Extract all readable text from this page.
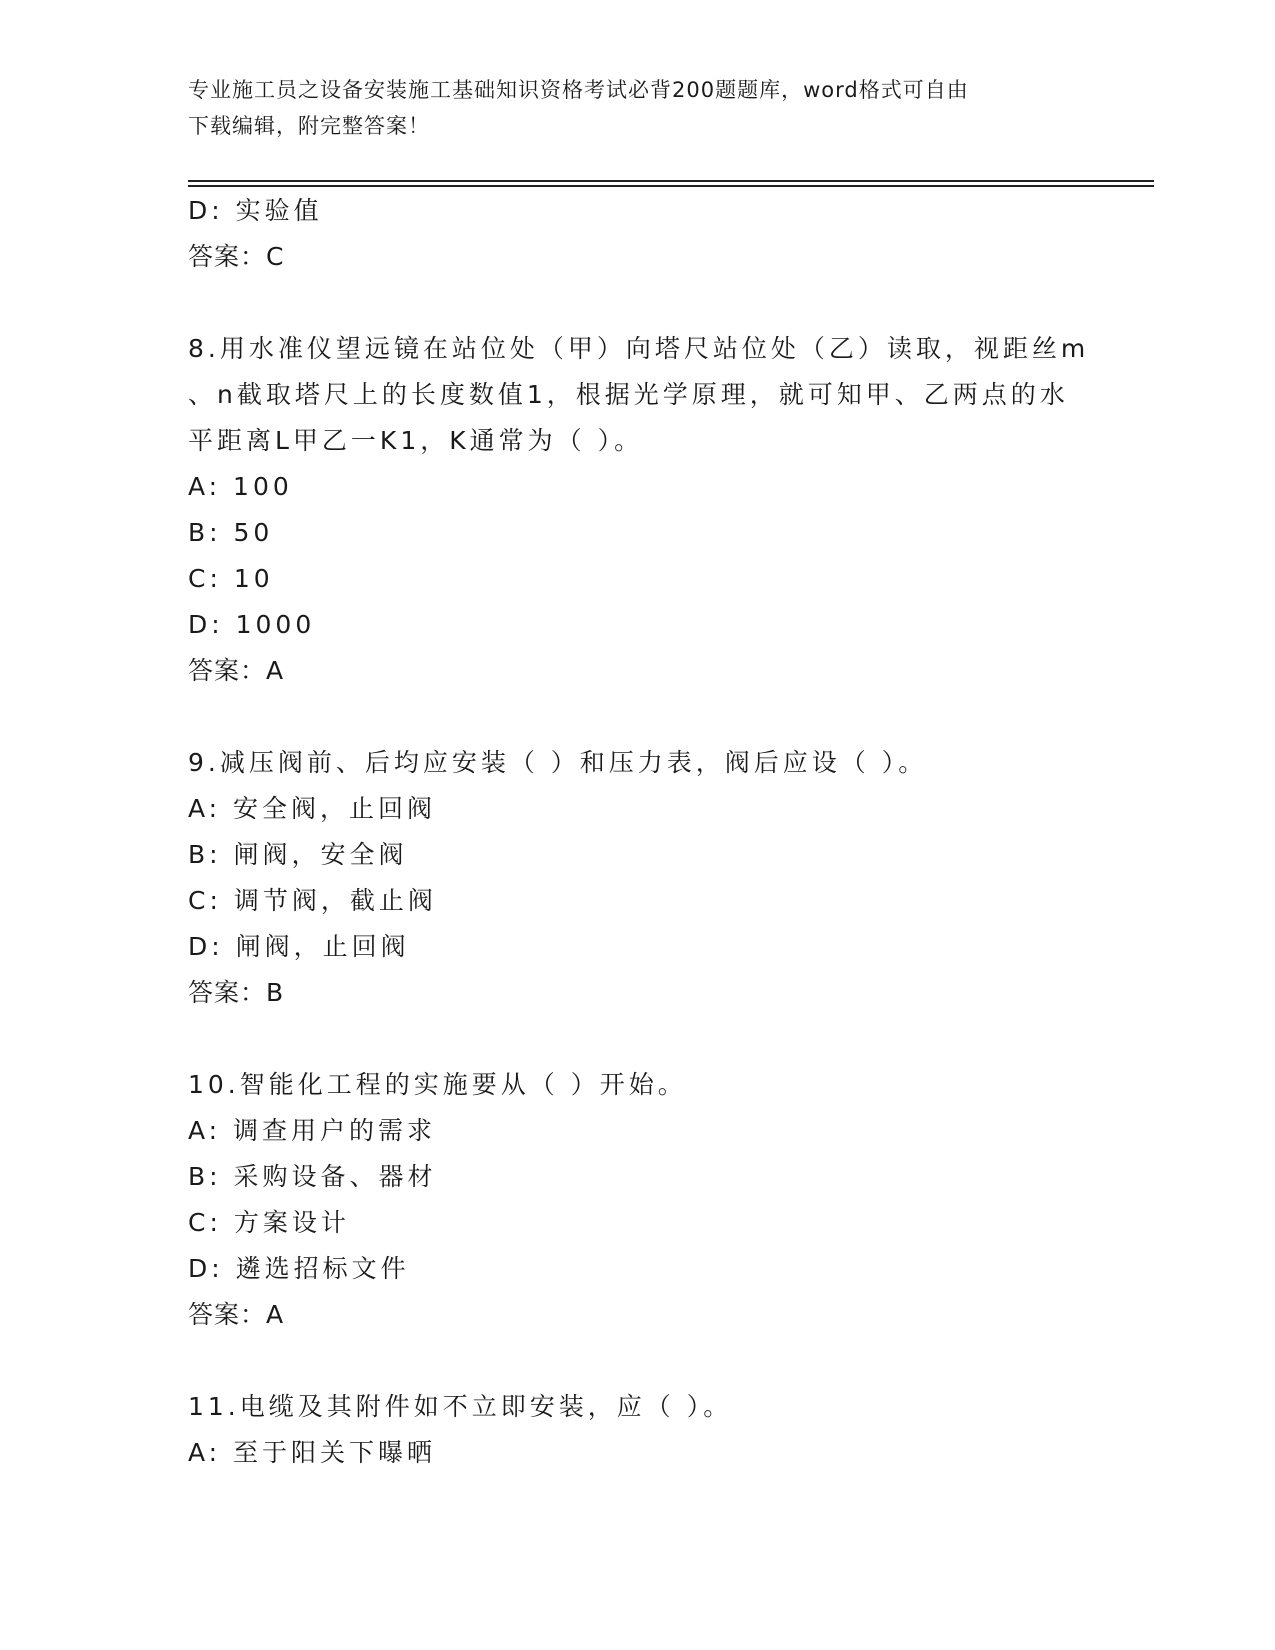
专业施工员之设备安装施工基础知识资格考试必背200题题库，word格式可自由
下载编辑，附完整答案！
D: 实验值
答案：C
8.用水准仪望远镜在站位处（甲）向塔尺站位处（乙）读取，视距丝m
、n截取塔尺上的长度数值1，根据光学原理，就可知甲、乙两点的水
平距离L甲乙一K1，K通常为（ ）。
A: 100
B: 50
C: 10
D: 1000
答案：A
9.减压阀前、后均应安装（ ）和压力表，阀后应设（ ）。
A: 安全阀，止回阀
B: 闸阀，安全阀
C: 调节阀，截止阀
D: 闸阀，止回阀
答案：B
10.智能化工程的实施要从（ ）开始。
A: 调查用户的需求
B: 采购设备、器材
C: 方案设计
D: 遴选招标文件
答案：A
11.电缆及其附件如不立即安装，应（ ）。
A: 至于阳关下曝晒
